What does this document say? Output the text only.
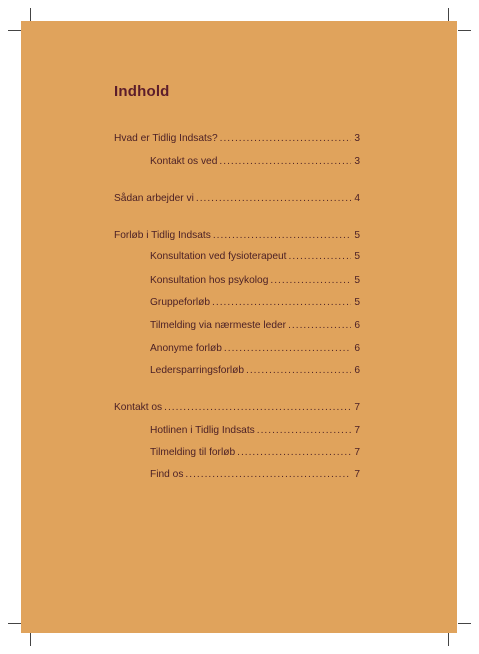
Indhold
Hvad er Tidlig Indsats? .....	3
Kontakt os ved .....	3
Sådan arbejder vi .....	4
Forløb i Tidlig Indsats .....	5
Konsultation ved fysioterapeut .....	5
Konsultation hos psykolog .....	5
Gruppeforløb .....	5
Tilmelding via nærmeste leder .....	6
Anonyme forløb .....	6
Ledersparringsforløb .....	6
Kontakt os .....	7
Hotlinen i Tidlig Indsats .....	7
Tilmelding til forløb .....	7
Find os .....	7
